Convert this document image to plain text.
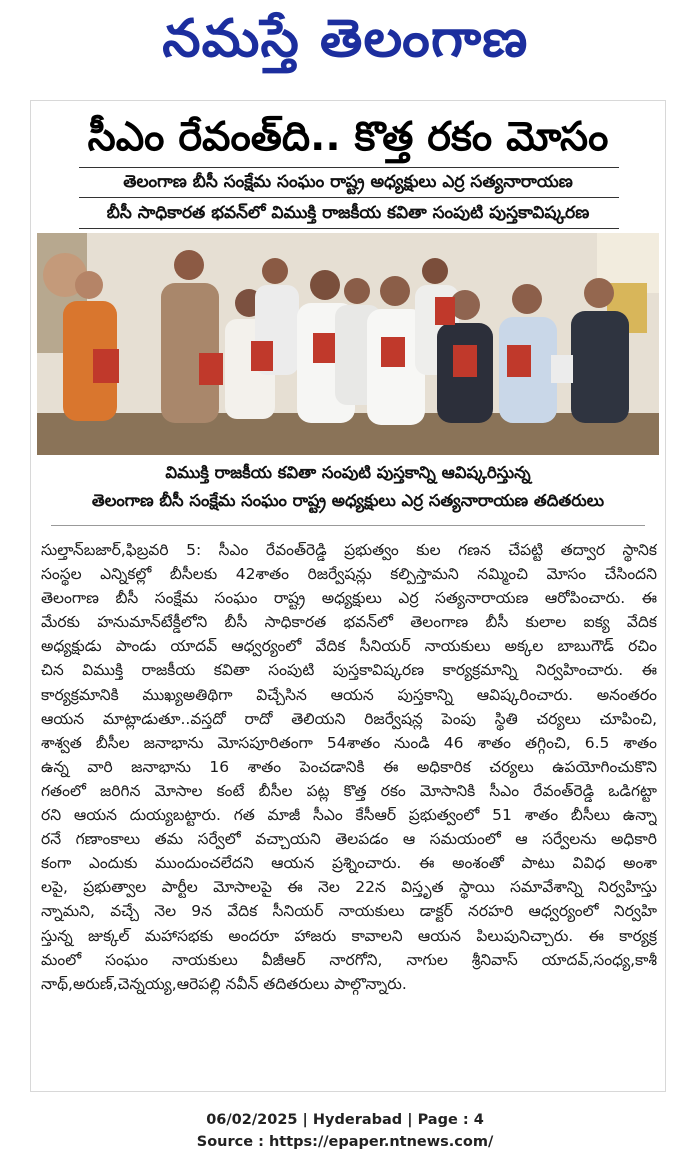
నమస్తే తెలంగాణ
సీఎం రేవంత్‌ది.. కొత్త రకం మోసం
తెలంగాణ బీసీ సంక్షేమ సంఘం రాష్ట్ర అధ్యక్షులు ఎర్ర సత్యనారాయణ
బీసీ సాధికారత భవన్‌లో విముక్తి రాజకీయ కవితా సంపుటి పుస్తకావిష్కరణ
విముక్తి రాజకీయ కవితా సంపుటి పుస్తకాన్ని ఆవిష్కరిస్తున్న
తెలంగాణ బీసీ సంక్షేమ సంఘం రాష్ట్ర అధ్యక్షులు ఎర్ర సత్యనారాయణ తదితరులు
సుల్తాన్‌బజార్,ఫిబ్రవరి 5: సీఎం రేవంత్‌రెడ్డి ప్రభుత్వం కుల గణన చేపట్టి తద్వార స్థానిక
సంస్థల ఎన్నికల్లో బీసీలకు 42శాతం రిజర్వేషన్లు కల్పిస్తామని నమ్మించి మోసం చేసిందని
తెలంగాణ బీసీ సంక్షేమ సంఘం రాష్ట్ర అధ్యక్షులు ఎర్ర సత్యనారాయణ ఆరోపించారు. ఈ
మేరకు హనుమాన్‌టేక్డీలోని బీసీ సాధికారత భవన్‌లో తెలంగాణ బీసీ కులాల ఐక్య వేదిక
అధ్యక్షుడు పాండు యాదవ్ ఆధ్వర్యంలో వేదిక సీనియర్ నాయకులు అక్కల బాబుగౌడ్ రచిం
చిన విముక్తి రాజకీయ కవితా సంపుటి పుస్తకావిష్కరణ కార్యక్రమాన్ని నిర్వహించారు. ఈ
కార్యక్రమానికి ముఖ్యఅతిథిగా విచ్చేసిన ఆయన పుస్తకాన్ని ఆవిష్కరించారు. అనంతరం
ఆయన మాట్లాడుతూ..వస్తదో రాదో తెలియని రిజర్వేషన్ల పెంపు స్థితి చర్యలు చూపించి,
శాశ్వత బీసీల జనాభాను మోసపూరితంగా 54శాతం నుండి 46 శాతం తగ్గించి, 6.5 శాతం
ఉన్న వారి జనాభాను 16 శాతం పెంచడానికి ఈ అధికారిక చర్యలు ఉపయోగించుకొని
గతంలో జరిగిన మోసాల కంటే బీసీల పట్ల కొత్త రకం మోసానికి సీఎం రేవంత్‌రెడ్డి ఒడిగట్టా
రని ఆయన దుయ్యబట్టారు. గత మాజీ సీఎం కేసీఆర్ ప్రభుత్వంలో 51 శాతం బీసీలు ఉన్నా
రనే గణాంకాలు తమ సర్వేలో వచ్చాయని తెలపడం ఆ సమయంలో ఆ సర్వేలను అధికారి
కంగా ఎందుకు ముందుంచలేదని ఆయన ప్రశ్నించారు. ఈ అంశంతో పాటు వివిధ అంశా
లపై, ప్రభుత్వాల పార్టీల మోసాలపై ఈ నెల 22న విస్తృత స్థాయి సమావేశాన్ని నిర్వహిస్తు
న్నామని, వచ్చే నెల 9న వేదిక సీనియర్ నాయకులు డాక్టర్ నరహరి ఆధ్వర్యంలో నిర్వహి
స్తున్న జుక్కల్ మహాసభకు అందరూ హాజరు కావాలని ఆయన పిలుపునిచ్చారు. ఈ కార్యక్ర
మంలో సంఘం నాయకులు వీజీఆర్ నారగోని, నాగుల శ్రీనివాస్ యాదవ్,సంధ్య,కాశీ
నాథ్,అరుణ్,చెన్నయ్య,ఆరెపల్లి నవీన్ తదితరులు పాల్గొన్నారు.
06/02/2025 | Hyderabad | Page : 4
Source : https://epaper.ntnews.com/
